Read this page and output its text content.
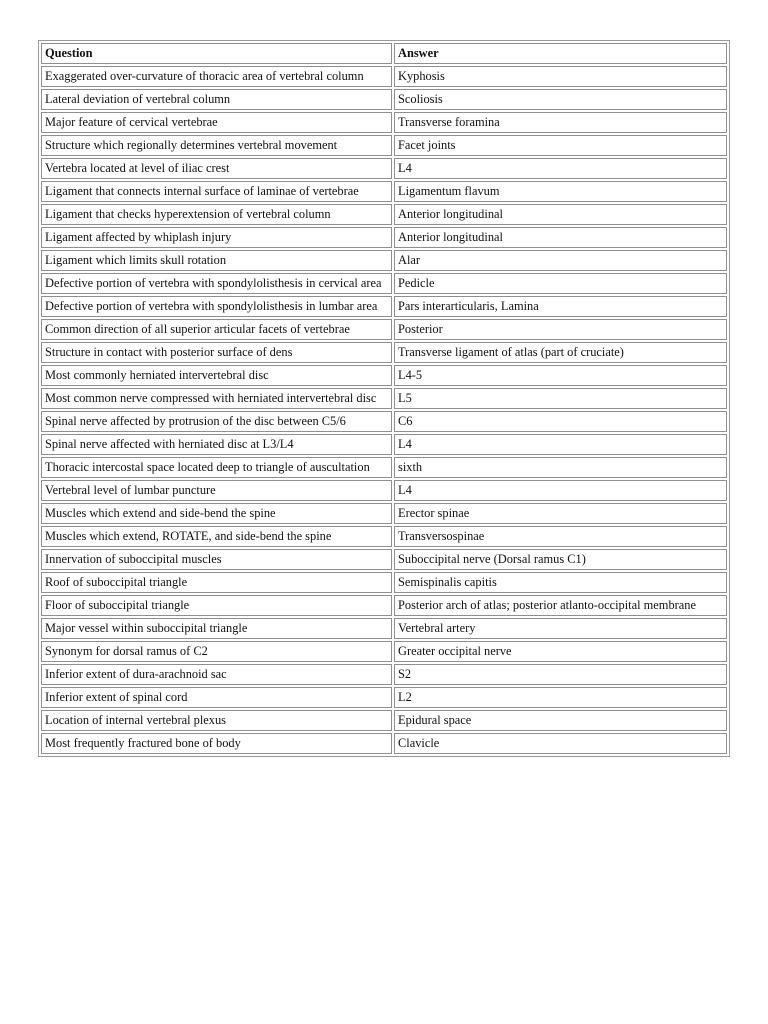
Question	Answer
Exaggerated over-curvature of thoracic area of vertebral column	Kyphosis
Lateral deviation of vertebral column	Scoliosis
Major feature of cervical vertebrae	Transverse foramina
Structure which regionally determines vertebral movement	Facet joints
Vertebra located at level of iliac crest	L4
Ligament that connects internal surface of laminae of vertebrae	Ligamentum flavum
Ligament that checks hyperextension of vertebral column	Anterior longitudinal
Ligament affected by whiplash injury	Anterior longitudinal
Ligament which limits skull rotation	Alar
Defective portion of vertebra with spondylolisthesis in cervical area	Pedicle
Defective portion of vertebra with spondylolisthesis in lumbar area	Pars interarticularis, Lamina
Common direction of all superior articular facets of vertebrae	Posterior
Structure in contact with posterior surface of dens	Transverse ligament of atlas (part of cruciate)
Most commonly herniated intervertebral disc	L4-5
Most common nerve compressed with herniated intervertebral disc	L5
Spinal nerve affected by protrusion of the disc between C5/6	C6
Spinal nerve affected with herniated disc at L3/L4	L4
Thoracic intercostal space located deep to triangle of auscultation	sixth
Vertebral level of lumbar puncture	L4
Muscles which extend and side-bend the spine	Erector spinae
Muscles which extend, ROTATE, and side-bend the spine	Transversospinae
Innervation of suboccipital muscles	Suboccipital nerve (Dorsal ramus C1)
Roof of suboccipital triangle	Semispinalis capitis
Floor of suboccipital triangle	Posterior arch of atlas; posterior atlanto-occipital membrane
Major vessel within suboccipital triangle	Vertebral artery
Synonym for dorsal ramus of C2	Greater occipital nerve
Inferior extent of dura-arachnoid sac	S2
Inferior extent of spinal cord	L2
Location of internal vertebral plexus	Epidural space
Most frequently fractured bone of body	Clavicle
